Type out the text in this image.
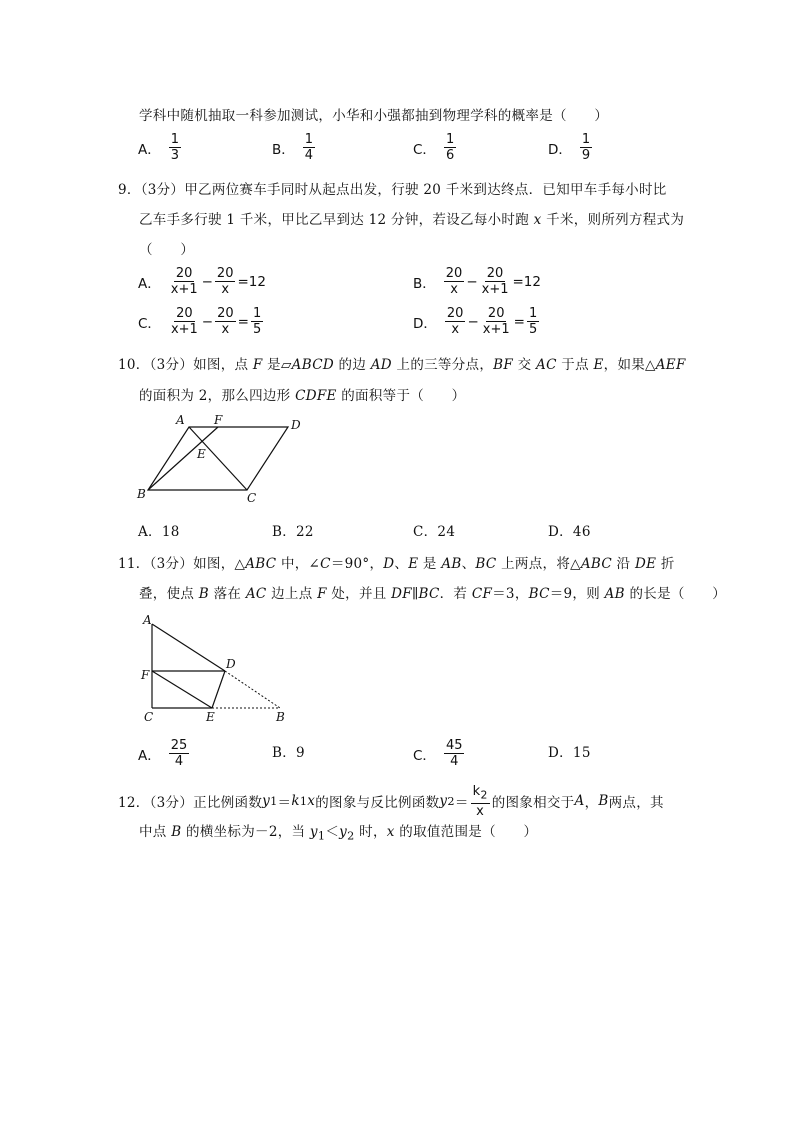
学科中随机抽取一科参加测试，小华和小强都抽到物理学科的概率是（　　）
A． $\frac{1}{3}$	B． $\frac{1}{4}$	C． $\frac{1}{6}$	D． $\frac{1}{9}$
9．（3分）甲乙两位赛车手同时从起点出发，行驶 20 千米到达终点．已知甲车手每小时比
乙车手多行驶 1 千米，甲比乙早到达 12 分钟，若设乙每小时跑 x 千米，则所列方程式为
（　　）
A． $\frac{20}{x+1} - \frac{20}{x} =12$	B． $\frac{20}{x} - \frac{20}{x+1} =12$
C． $\frac{20}{x+1} - \frac{20}{x} = \frac{1}{5}$	D． $\frac{20}{x} - \frac{20}{x+1} = \frac{1}{5}$
10．（3分）如图，点 F 是▱ABCD 的边 AD 上的三等分点，BF 交 AC 于点 E，如果△AEF
的面积为 2，那么四边形 CDFE 的面积等于（　　）
A F	D
E
B	C
A．18	B．22	C．24	D．46
11．（3分）如图，△ABC 中，∠C＝90°，D、E 是 AB、BC 上两点，将△ABC 沿 DE 折
叠，使点 B 落在 AC 边上点 F 处，并且 DF∥BC．若 CF＝3，BC＝9，则 AB 的长是（　　）
A
D
F
C	E	B
A． $\frac{25}{4}$	B．9	C． $\frac{45}{4}$	D．15
12．（3分）正比例函数 y 1 ＝ k 1 x 的图象与反比例函数 y $2 = \frac{k_2}{x}$ 的图象相交于 A ， B 两点，其
中点 B 的横坐标为－2，当 $y_1<y_2$ 时，x 的取值范围是（　　）
